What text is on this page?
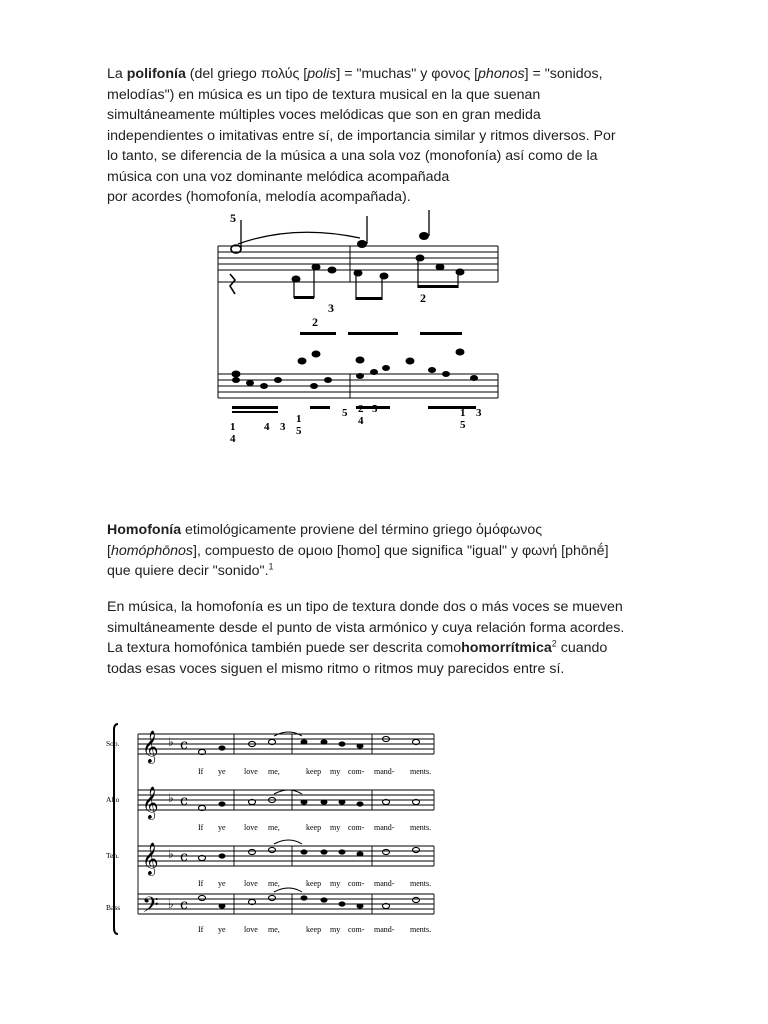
La polifonía (del griego πολύς [polis] = "muchas" y φονος [phonos] = "sonidos,
melodías") en música es un tipo de textura musical en la que suenan
simultáneamente múltiples voces melódicas que son en gran medida
independientes o imitativas entre sí, de importancia similar y ritmos diversos. Por
lo tanto, se diferencia de la música a una sola voz (monofonía) así como de la
música con una voz dominante melódica acompañada
por acordes (homofonía, melodía acompañada).
5
3
2
2
1
4
4 3
1
5
5 2
4
5	1
5
3
Homofonía etimológicamente proviene del término griego ὁμόφωνος
[homóphōnos], compuesto de ομοιο [homo] que significa "igual" y φωνή [phōnḗ]
que quiere decir "sonido".$^1$
En música, la homofonía es un tipo de textura donde dos o más voces se mueven
simultáneamente desde el punto de vista armónico y cuya relación forma acordes.
La textura homofónica también puede ser descrita comohomorrítmica$^2$ cuando
todas esas voces siguen el mismo ritmo o ritmos muy parecidos entre sí.
𝄞
𝄞
𝄞
𝄢
♭
♭
♭
♭
c
c
c
c
Sop.
Alto
Ten.
Bass
If ye love me,	keep my com- mand- ments.
If ye love me,	keep my com- mand- ments.
If ye love me,	keep my com- mand- ments.
If ye love me,	keep my com- mand- ments.
